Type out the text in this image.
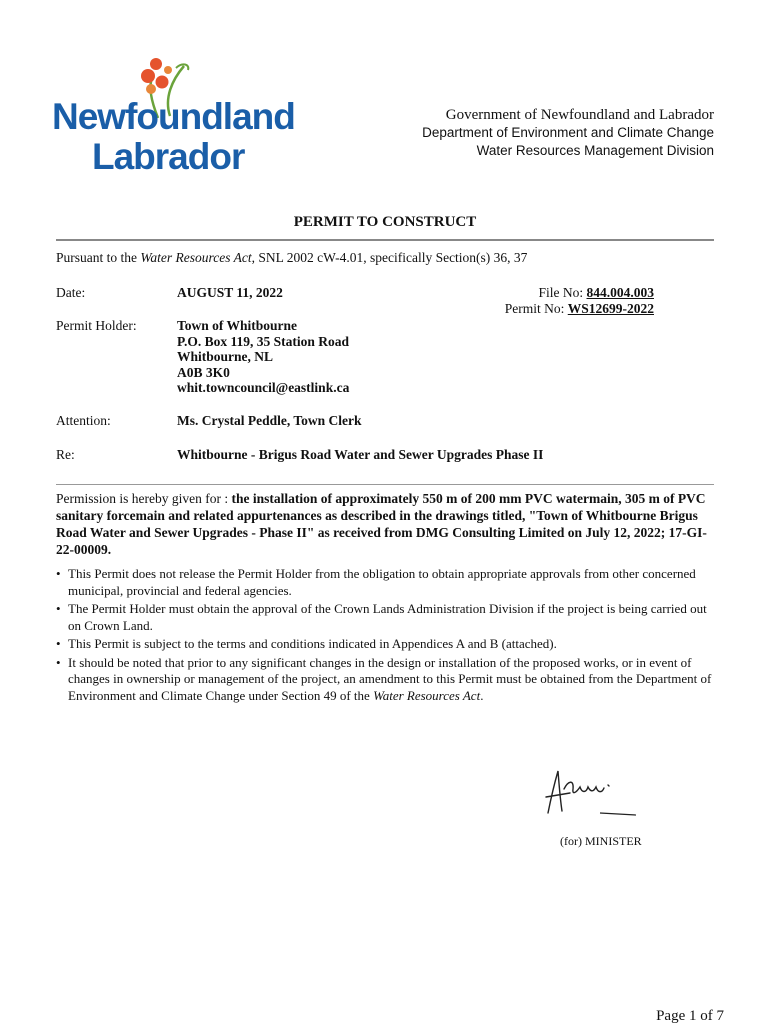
Newfoundland
Labrador
Government of Newfoundland and Labrador
Department of Environment and Climate Change
Water Resources Management Division
PERMIT TO CONSTRUCT
Pursuant to the Water Resources Act, SNL 2002 cW-4.01, specifically Section(s) 36, 37
Date:	AUGUST 11, 2022	File No: 844.004.003
Permit No: WS12699-2022
Permit Holder:	Town of Whitbourne
P.O. Box 119, 35 Station Road
Whitbourne, NL
A0B 3K0
whit.towncouncil@eastlink.ca
Attention:	Ms. Crystal Peddle, Town Clerk
Re:	Whitbourne - Brigus Road Water and Sewer Upgrades Phase II
Permission is hereby given for : the installation of approximately 550 m of 200 mm PVC watermain, 305 m of PVC sanitary forcemain and related appurtenances as described in the drawings titled, "Town of Whitbourne Brigus Road Water and Sewer Upgrades - Phase II" as received from DMG Consulting Limited on July 12, 2022; 17-GI-22-00009.
• This Permit does not release the Permit Holder from the obligation to obtain appropriate approvals from other concerned municipal, provincial and federal agencies.
• The Permit Holder must obtain the approval of the Crown Lands Administration Division if the project is being carried out on Crown Land.
• This Permit is subject to the terms and conditions indicated in Appendices A and B (attached).
• It should be noted that prior to any significant changes in the design or installation of the proposed works, or in event of changes in ownership or management of the project, an amendment to this Permit must be obtained from the Department of Environment and Climate Change under Section 49 of the Water Resources Act.
(for) MINISTER
Page 1 of 7
